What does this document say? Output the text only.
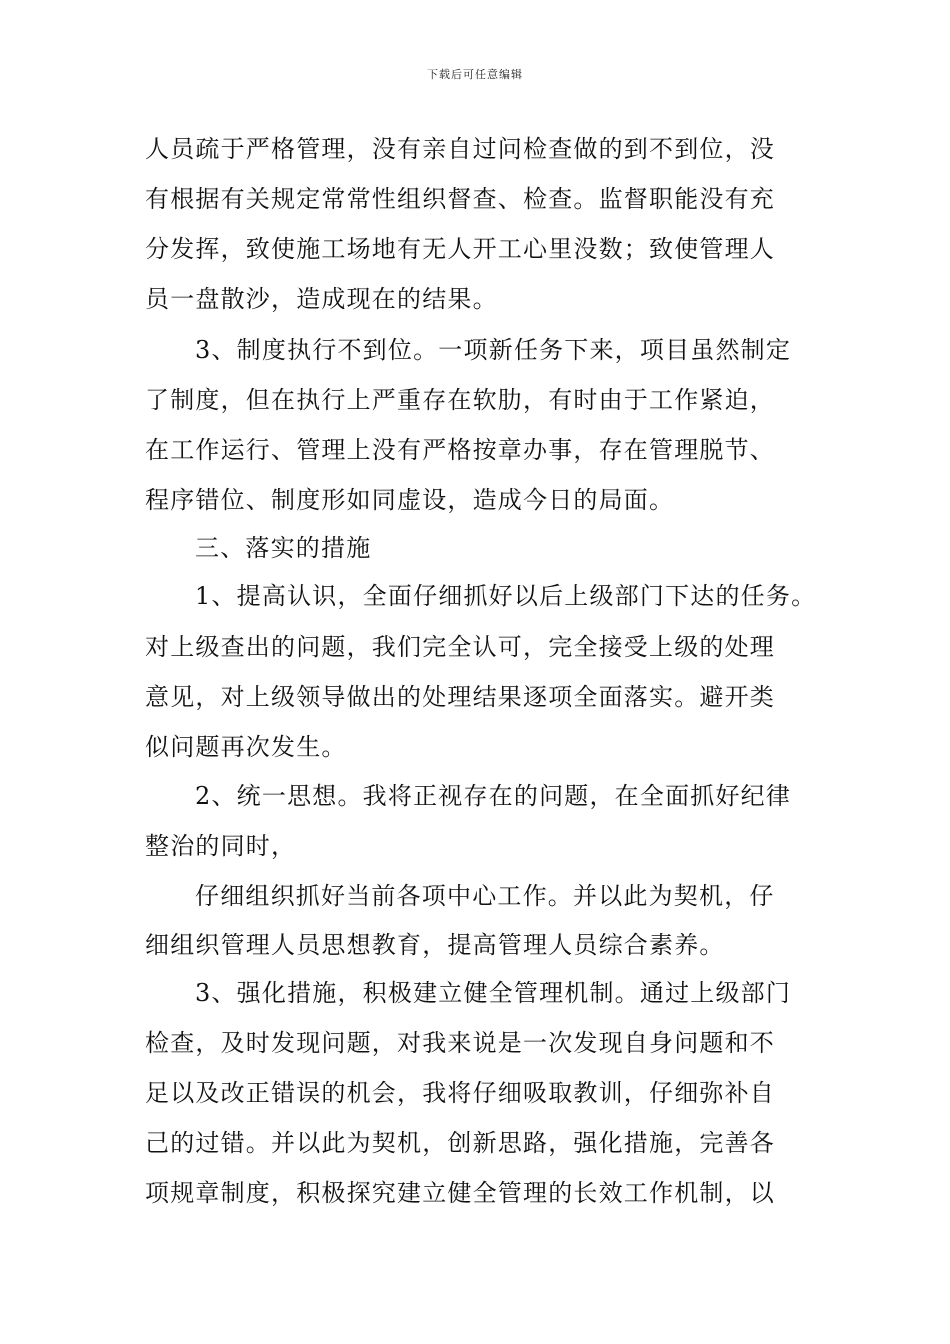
下载后可任意编辑

人员疏于严格管理，没有亲自过问检查做的到不到位，没

有根据有关规定常常性组织督查、检查。监督职能没有充

分发挥，致使施工场地有无人开工心里没数；致使管理人

员一盘散沙，造成现在的结果。

3、制度执行不到位。一项新任务下来，项目虽然制定

了制度，但在执行上严重存在软肋，有时由于工作紧迫，

在工作运行、管理上没有严格按章办事，存在管理脱节、

程序错位、制度形如同虚设，造成今日的局面。

三、落实的措施

1、提高认识，全面仔细抓好以后上级部门下达的任务。

对上级查出的问题，我们完全认可，完全接受上级的处理

意见，对上级领导做出的处理结果逐项全面落实。避开类

似问题再次发生。

2、统一思想。我将正视存在的问题，在全面抓好纪律

整治的同时，

仔细组织抓好当前各项中心工作。并以此为契机，仔

细组织管理人员思想教育，提高管理人员综合素养。

3、强化措施，积极建立健全管理机制。通过上级部门

检查，及时发现问题，对我来说是一次发现自身问题和不

足以及改正错误的机会，我将仔细吸取教训，仔细弥补自

己的过错。并以此为契机，创新思路，强化措施，完善各

项规章制度，积极探究建立健全管理的长效工作机制，以
